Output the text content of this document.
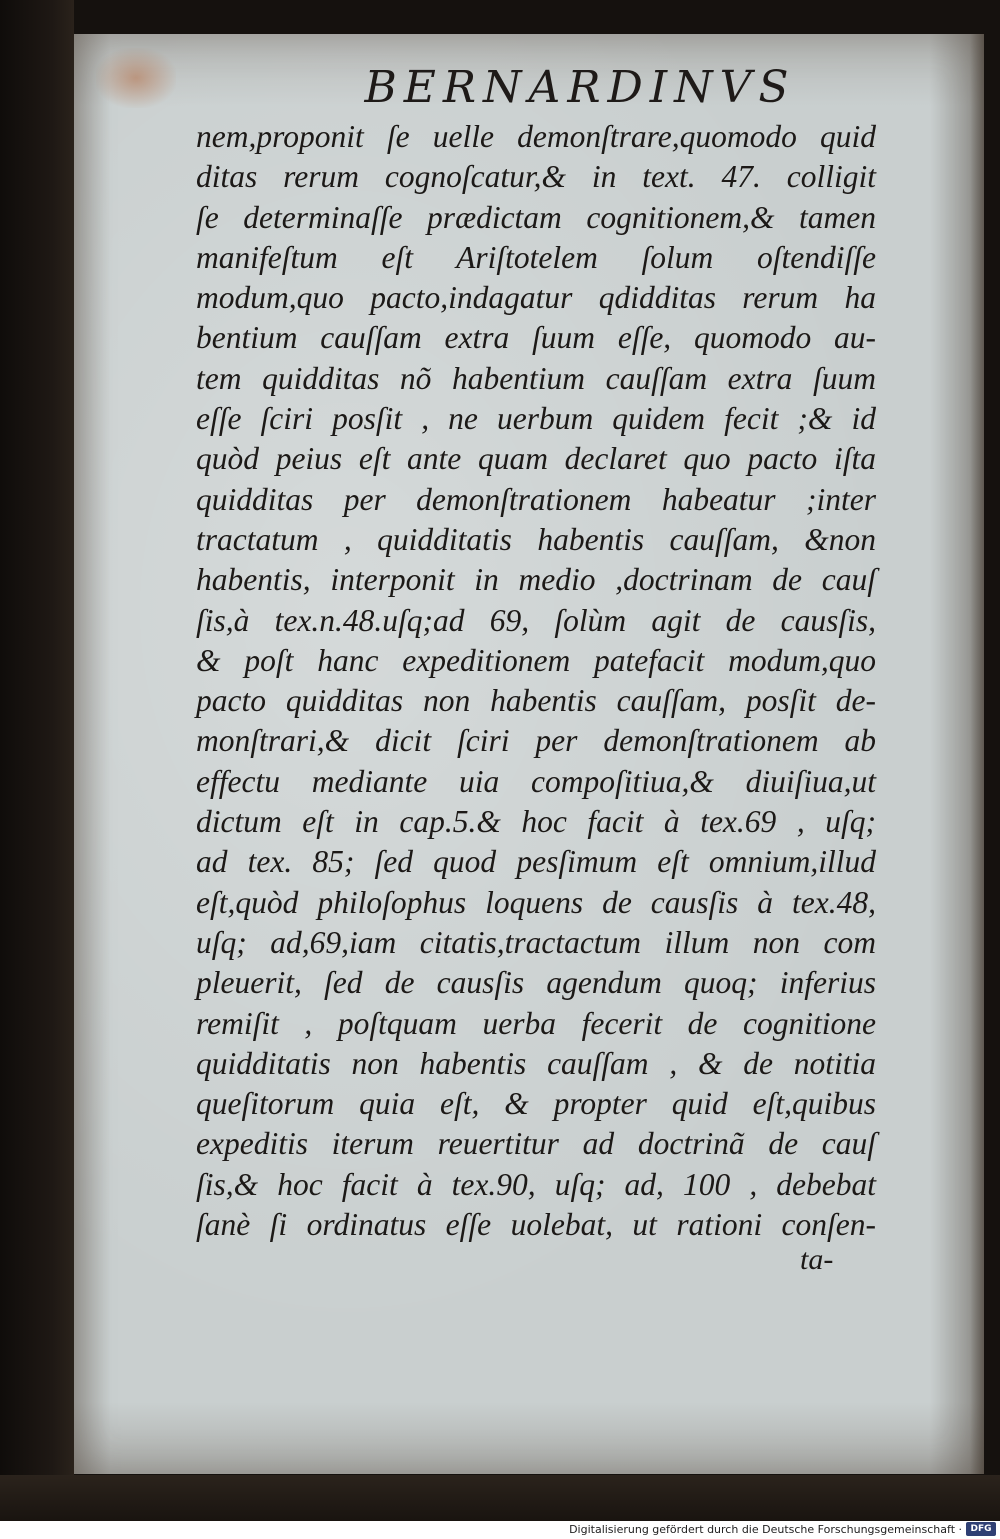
BERNARDINVS
nem,proponit ſe uelle demonſtrare,quomodo quid
ditas rerum cognoſcatur,& in text. 47. colligit
ſe determinaſſe prædictam cognitionem,& tamen
manifeſtum eſt Ariſtotelem ſolum oſtendiſſe
modum,quo pacto,indagatur qdidditas rerum ha
bentium cauſſam extra ſuum eſſe, quomodo au-
tem quidditas nõ habentium cauſſam extra ſuum
eſſe ſciri posſit , ne uerbum quidem fecit ;& id
quòd peius eſt ante quam declaret quo pacto iſta
quidditas per demonſtrationem habeatur ;inter
tractatum , quidditatis habentis cauſſam, &non
habentis, interponit in medio ,doctrinam de cauſ
ſis,à tex.n.48.uſq;ad 69, ſolùm agit de causſis,
& poſt hanc expeditionem patefacit modum,quo
pacto quidditas non habentis cauſſam, posſit de-
monſtrari,& dicit ſciri per demonſtrationem ab
effectu mediante uia compoſitiua,& diuiſiua,ut
dictum eſt in cap.5.& hoc facit à tex.69 , uſq;
ad tex. 85; ſed quod pesſimum eſt omnium,illud
eſt,quòd philoſophus loquens de causſis à tex.48,
uſq; ad,69,iam citatis,tractactum illum non com
pleuerit, ſed de causſis agendum quoq; inferius
remiſit , poſtquam uerba fecerit de cognitione
quidditatis non habentis cauſſam , & de notitia
queſitorum quia eſt, & propter quid eſt,quibus
expeditis iterum reuertitur ad doctrinã de cauſ
ſis,& hoc facit à tex.90, uſq; ad, 100 , debebat
ſanè ſi ordinatus eſſe uolebat, ut rationi conſen-
ta-
Digitalisierung gefördert durch die Deutsche Forschungsgemeinschaft · DFG
